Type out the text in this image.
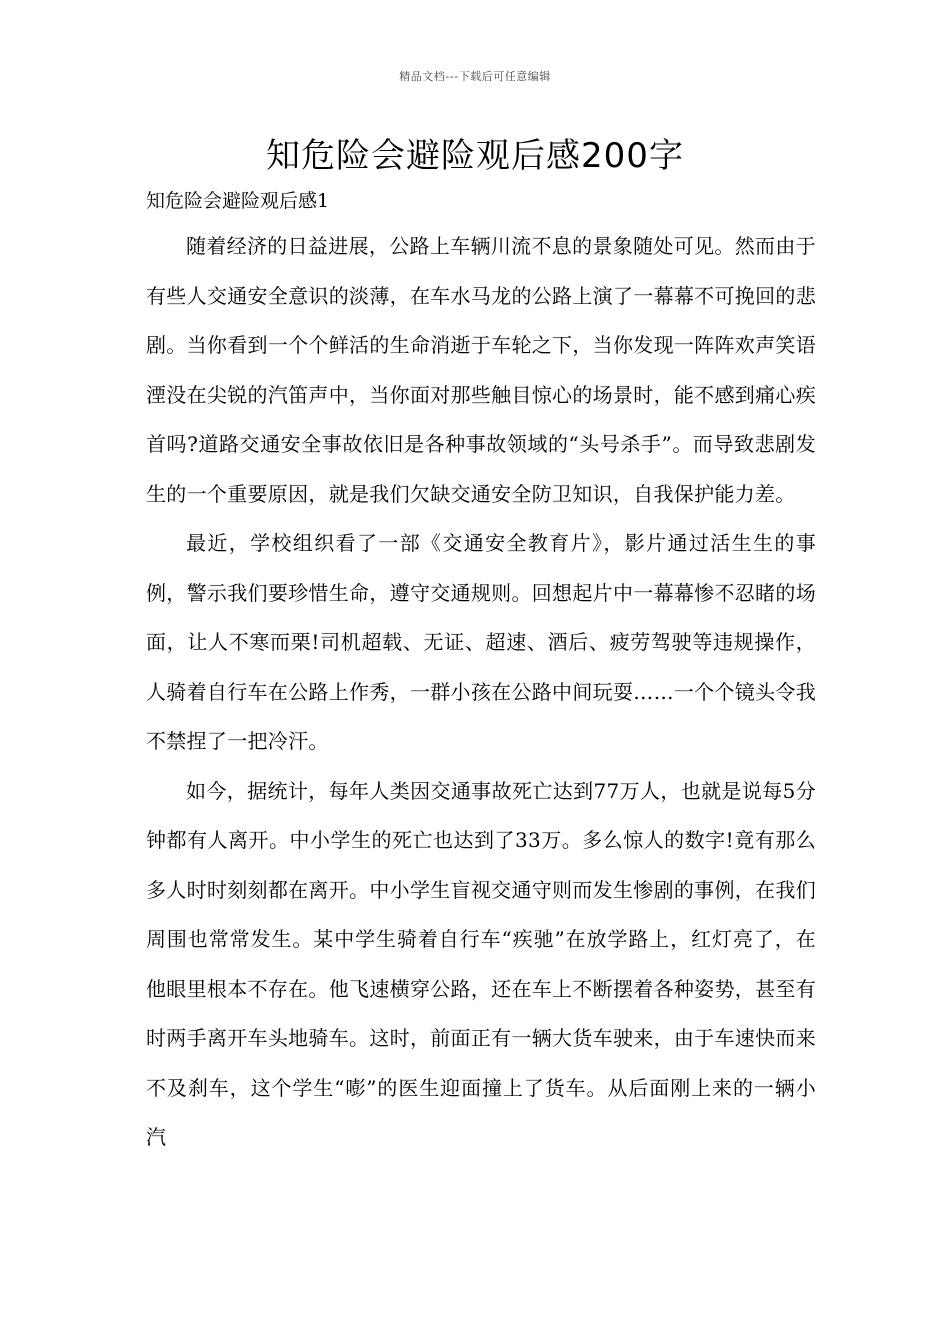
精品文档---下载后可任意编辑
知危险会避险观后感200字

知危险会避险观后感1

随着经济的日益进展，公路上车辆川流不息的景象随处可见。然而由于有些人交通安全意识的淡薄，在车水马龙的公路上演了一幕幕不可挽回的悲剧。当你看到一个个鲜活的生命消逝于车轮之下，当你发现一阵阵欢声笑语湮没在尖锐的汽笛声中，当你面对那些触目惊心的场景时，能不感到痛心疾首吗?道路交通安全事故依旧是各种事故领域的“头号杀手”。而导致悲剧发生的一个重要原因，就是我们欠缺交通安全防卫知识，自我保护能力差。

最近，学校组织看了一部《交通安全教育片》，影片通过活生生的事例，警示我们要珍惜生命，遵守交通规则。回想起片中一幕幕惨不忍睹的场面，让人不寒而栗!司机超载、无证、超速、酒后、疲劳驾驶等违规操作，人骑着自行车在公路上作秀，一群小孩在公路中间玩耍……一个个镜头令我不禁捏了一把冷汗。

如今，据统计，每年人类因交通事故死亡达到77万人，也就是说每5分钟都有人离开。中小学生的死亡也达到了33万。多么惊人的数字!竟有那么多人时时刻刻都在离开。中小学生盲视交通守则而发生惨剧的事例，在我们周围也常常发生。某中学生骑着自行车“疾驰”在放学路上，红灯亮了，在他眼里根本不存在。他飞速横穿公路，还在车上不断摆着各种姿势，甚至有时两手离开车头地骑车。这时，前面正有一辆大货车驶来，由于车速快而来不及刹车，这个学生“嘭”的医生迎面撞上了货车。从后面刚上来的一辆小汽
